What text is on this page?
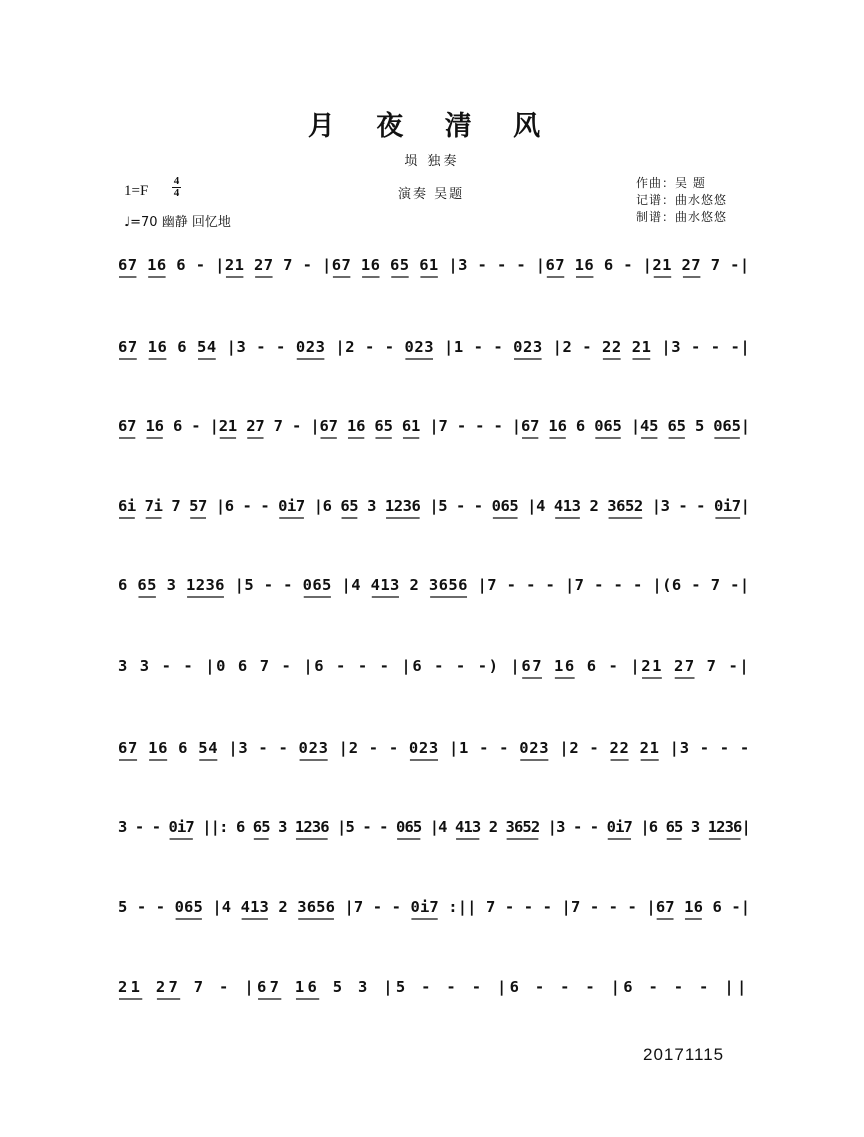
月 夜 清 风
埙 独奏
1=F
4
4
♩=70 幽静 回忆地
演奏 吴题
作曲：吴 题
记谱：曲水悠悠
制谱：曲水悠悠
67 16 6 - |21 27 7 - |67 16 65 61 |3 - - - |67 16 6 - |21 27 7 -|
67 16 6 54 |3 - - 023 |2 - - 023 |1 - - 023 |2 - 22 21 |3 - - -|
67 16 6 - |21 27 7 - |67 16 65 61 |7 - - - |67 16 6 065 |45 65 5 065|
6i 7i 7 57 |6 - - 0i7 |6 65 3 1236 |5 - - 065 |4 413 2 3652 |3 - - 0i7|
6 65 3 1236 |5 - - 065 |4 413 2 3656 |7 - - - |7 - - - |(6 - 7 -|
3 3 - - |0 6 7 - |6 - - - |6 - - -) |67 16 6 - |21 27 7 -|
67 16 6 54 |3 - - 023 |2 - - 023 |1 - - 023 |2 - 22 21 |3 - - -
3 - - 0i7 ||: 6 65 3 1236 |5 - - 065 |4 413 2 3652 |3 - - 0i7 |6 65 3 1236|
5 - - 065 |4 413 2 3656 |7 - - 0i7 :|| 7 - - - |7 - - - |67 16 6 -|
21 27 7 - |67 16 5 3 |5 - - - |6 - - - |6 - - - ||
20171115
